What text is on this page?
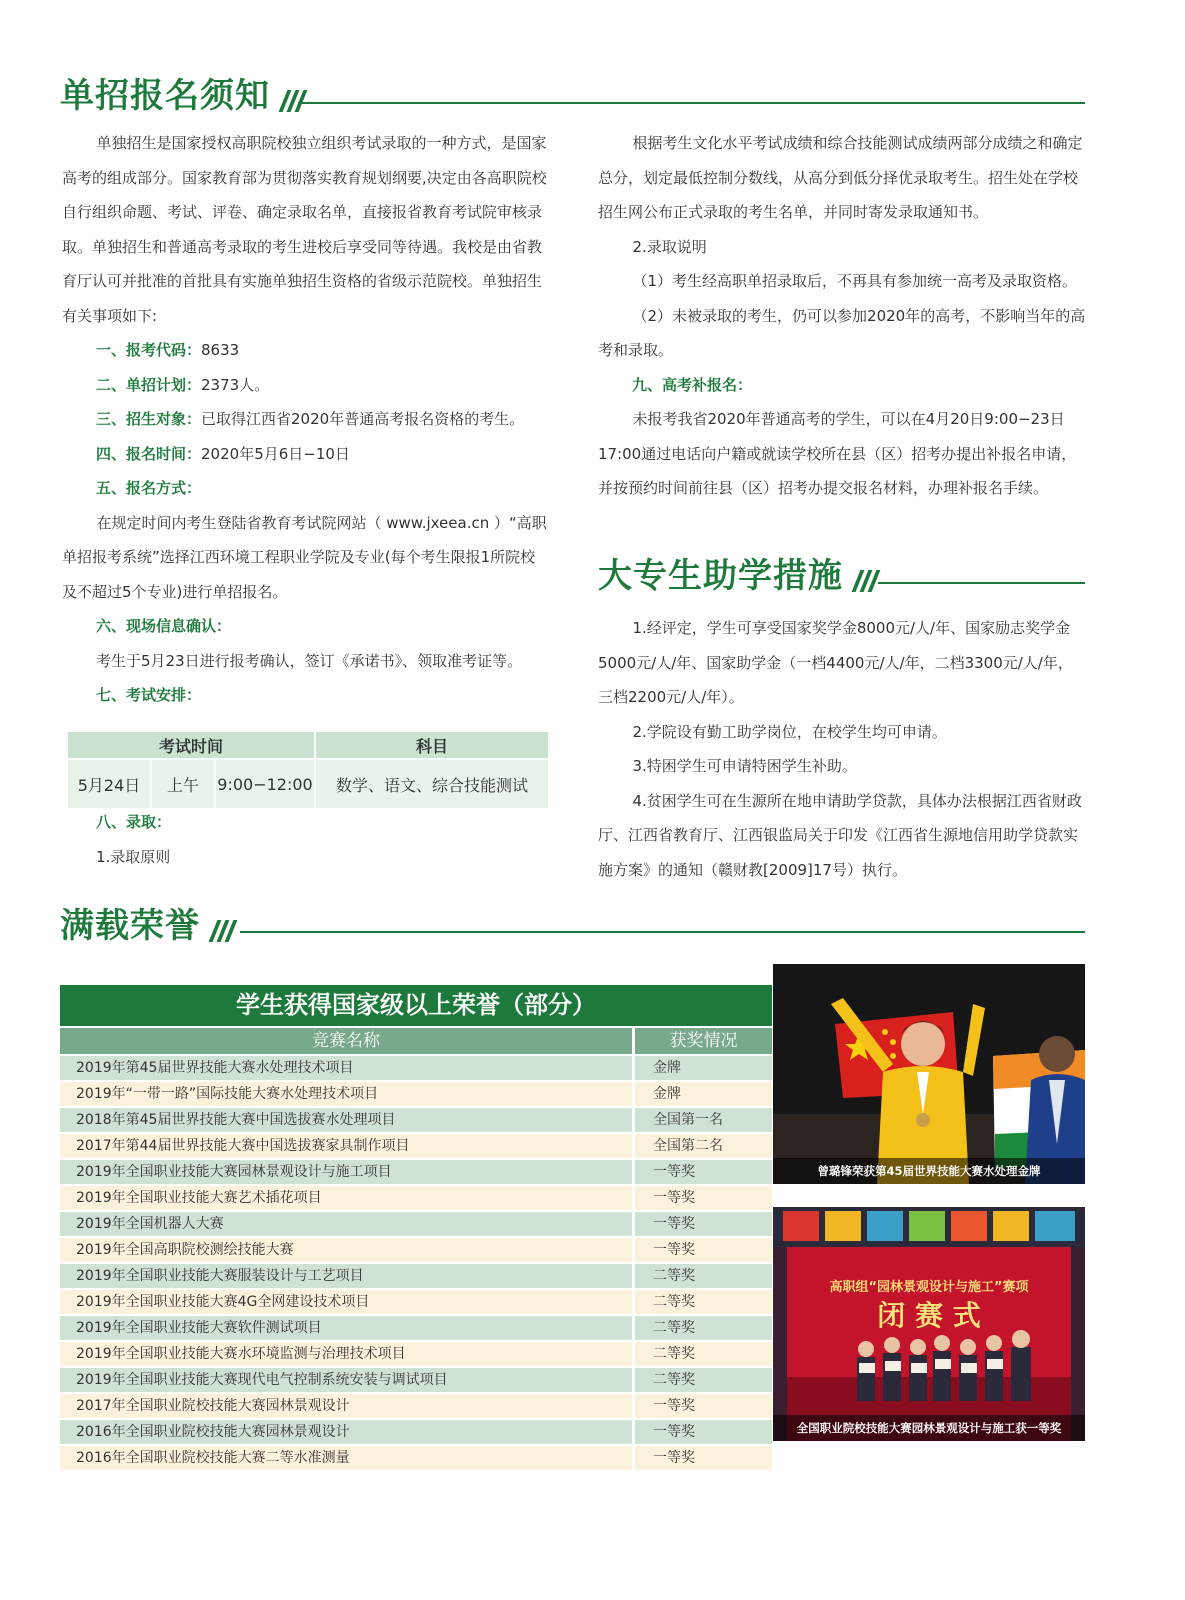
单招报名须知

单独招生是国家授权高职院校独立组织考试录取的一种方式，是国家高考的组成部分。国家教育部为贯彻落实教育规划纲要,决定由各高职院校自行组织命题、考试、评卷、确定录取名单，直接报省教育考试院审核录取。单独招生和普通高考录取的考生进校后享受同等待遇。我校是由省教育厅认可并批准的首批具有实施单独招生资格的省级示范院校。单独招生有关事项如下:

一、报考代码：8633

二、单招计划：2373人。

三、招生对象：已取得江西省2020年普通高考报名资格的考生。

四、报名时间：2020年5月6日−10日

五、报名方式：

在规定时间内考生登陆省教育考试院网站（ www.jxeea.cn ）“高职单招报考系统”选择江西环境工程职业学院及专业(每个考生限报1所院校及不超过5个专业)进行单招报名。

六、现场信息确认：

考生于5月23日进行报考确认，签订《承诺书》、领取准考证等。

七、考试安排：

考试时间			科目
5月24日	上午	9:00−12:00	数学、语文、综合技能测试

八、录取：

1.录取原则

根据考生文化水平考试成绩和综合技能测试成绩两部分成绩之和确定总分，划定最低控制分数线，从高分到低分择优录取考生。招生处在学校招生网公布正式录取的考生名单，并同时寄发录取通知书。

2.录取说明

（1）考生经高职单招录取后，不再具有参加统一高考及录取资格。

（2）未被录取的考生，仍可以参加2020年的高考，不影响当年的高考和录取。

九、高考补报名：

未报考我省2020年普通高考的学生，可以在4月20日9:00−23日17:00通过电话向户籍或就读学校所在县（区）招考办提出补报名申请，并按预约时间前往县（区）招考办提交报名材料，办理补报名手续。

大专生助学措施

1.经评定，学生可享受国家奖学金8000元/人/年、国家励志奖学金5000元/人/年、国家助学金（一档4400元/人/年，二档3300元/人/年，三档2200元/人/年）。

2.学院设有勤工助学岗位，在校学生均可申请。

3.特困学生可申请特困学生补助。

4.贫困学生可在生源所在地申请助学贷款，具体办法根据江西省财政厅、江西省教育厅、江西银监局关于印发《江西省生源地信用助学贷款实施方案》的通知（赣财教[2009]17号）执行。

满载荣誉
学生获得国家级以上荣誉（部分）
竞赛名称	获奖情况
2019年第45届世界技能大赛水处理技术项目	金牌
2019年“一带一路”国际技能大赛水处理技术项目	金牌
2018年第45届世界技能大赛中国选拔赛水处理项目	全国第一名
2017年第44届世界技能大赛中国选拔赛家具制作项目	全国第二名
2019年全国职业技能大赛园林景观设计与施工项目	一等奖
2019年全国职业技能大赛艺术插花项目	一等奖
2019年全国机器人大赛	一等奖
2019年全国高职院校测绘技能大赛	一等奖
2019年全国职业技能大赛服装设计与工艺项目	二等奖
2019年全国职业技能大赛4G全网建设技术项目	二等奖
2019年全国职业技能大赛软件测试项目	二等奖
2019年全国职业技能大赛水环境监测与治理技术项目	二等奖
2019年全国职业技能大赛现代电气控制系统安装与调试项目	二等奖
2017年全国职业院校技能大赛园林景观设计	一等奖
2016年全国职业院校技能大赛园林景观设计	一等奖
2016年全国职业院校技能大赛二等水准测量	一等奖
曾璐锋荣获第45届世界技能大赛水处理金牌
高职组“园林景观设计与施工”赛项
闭 赛 式
全国职业院校技能大赛园林景观设计与施工获一等奖
